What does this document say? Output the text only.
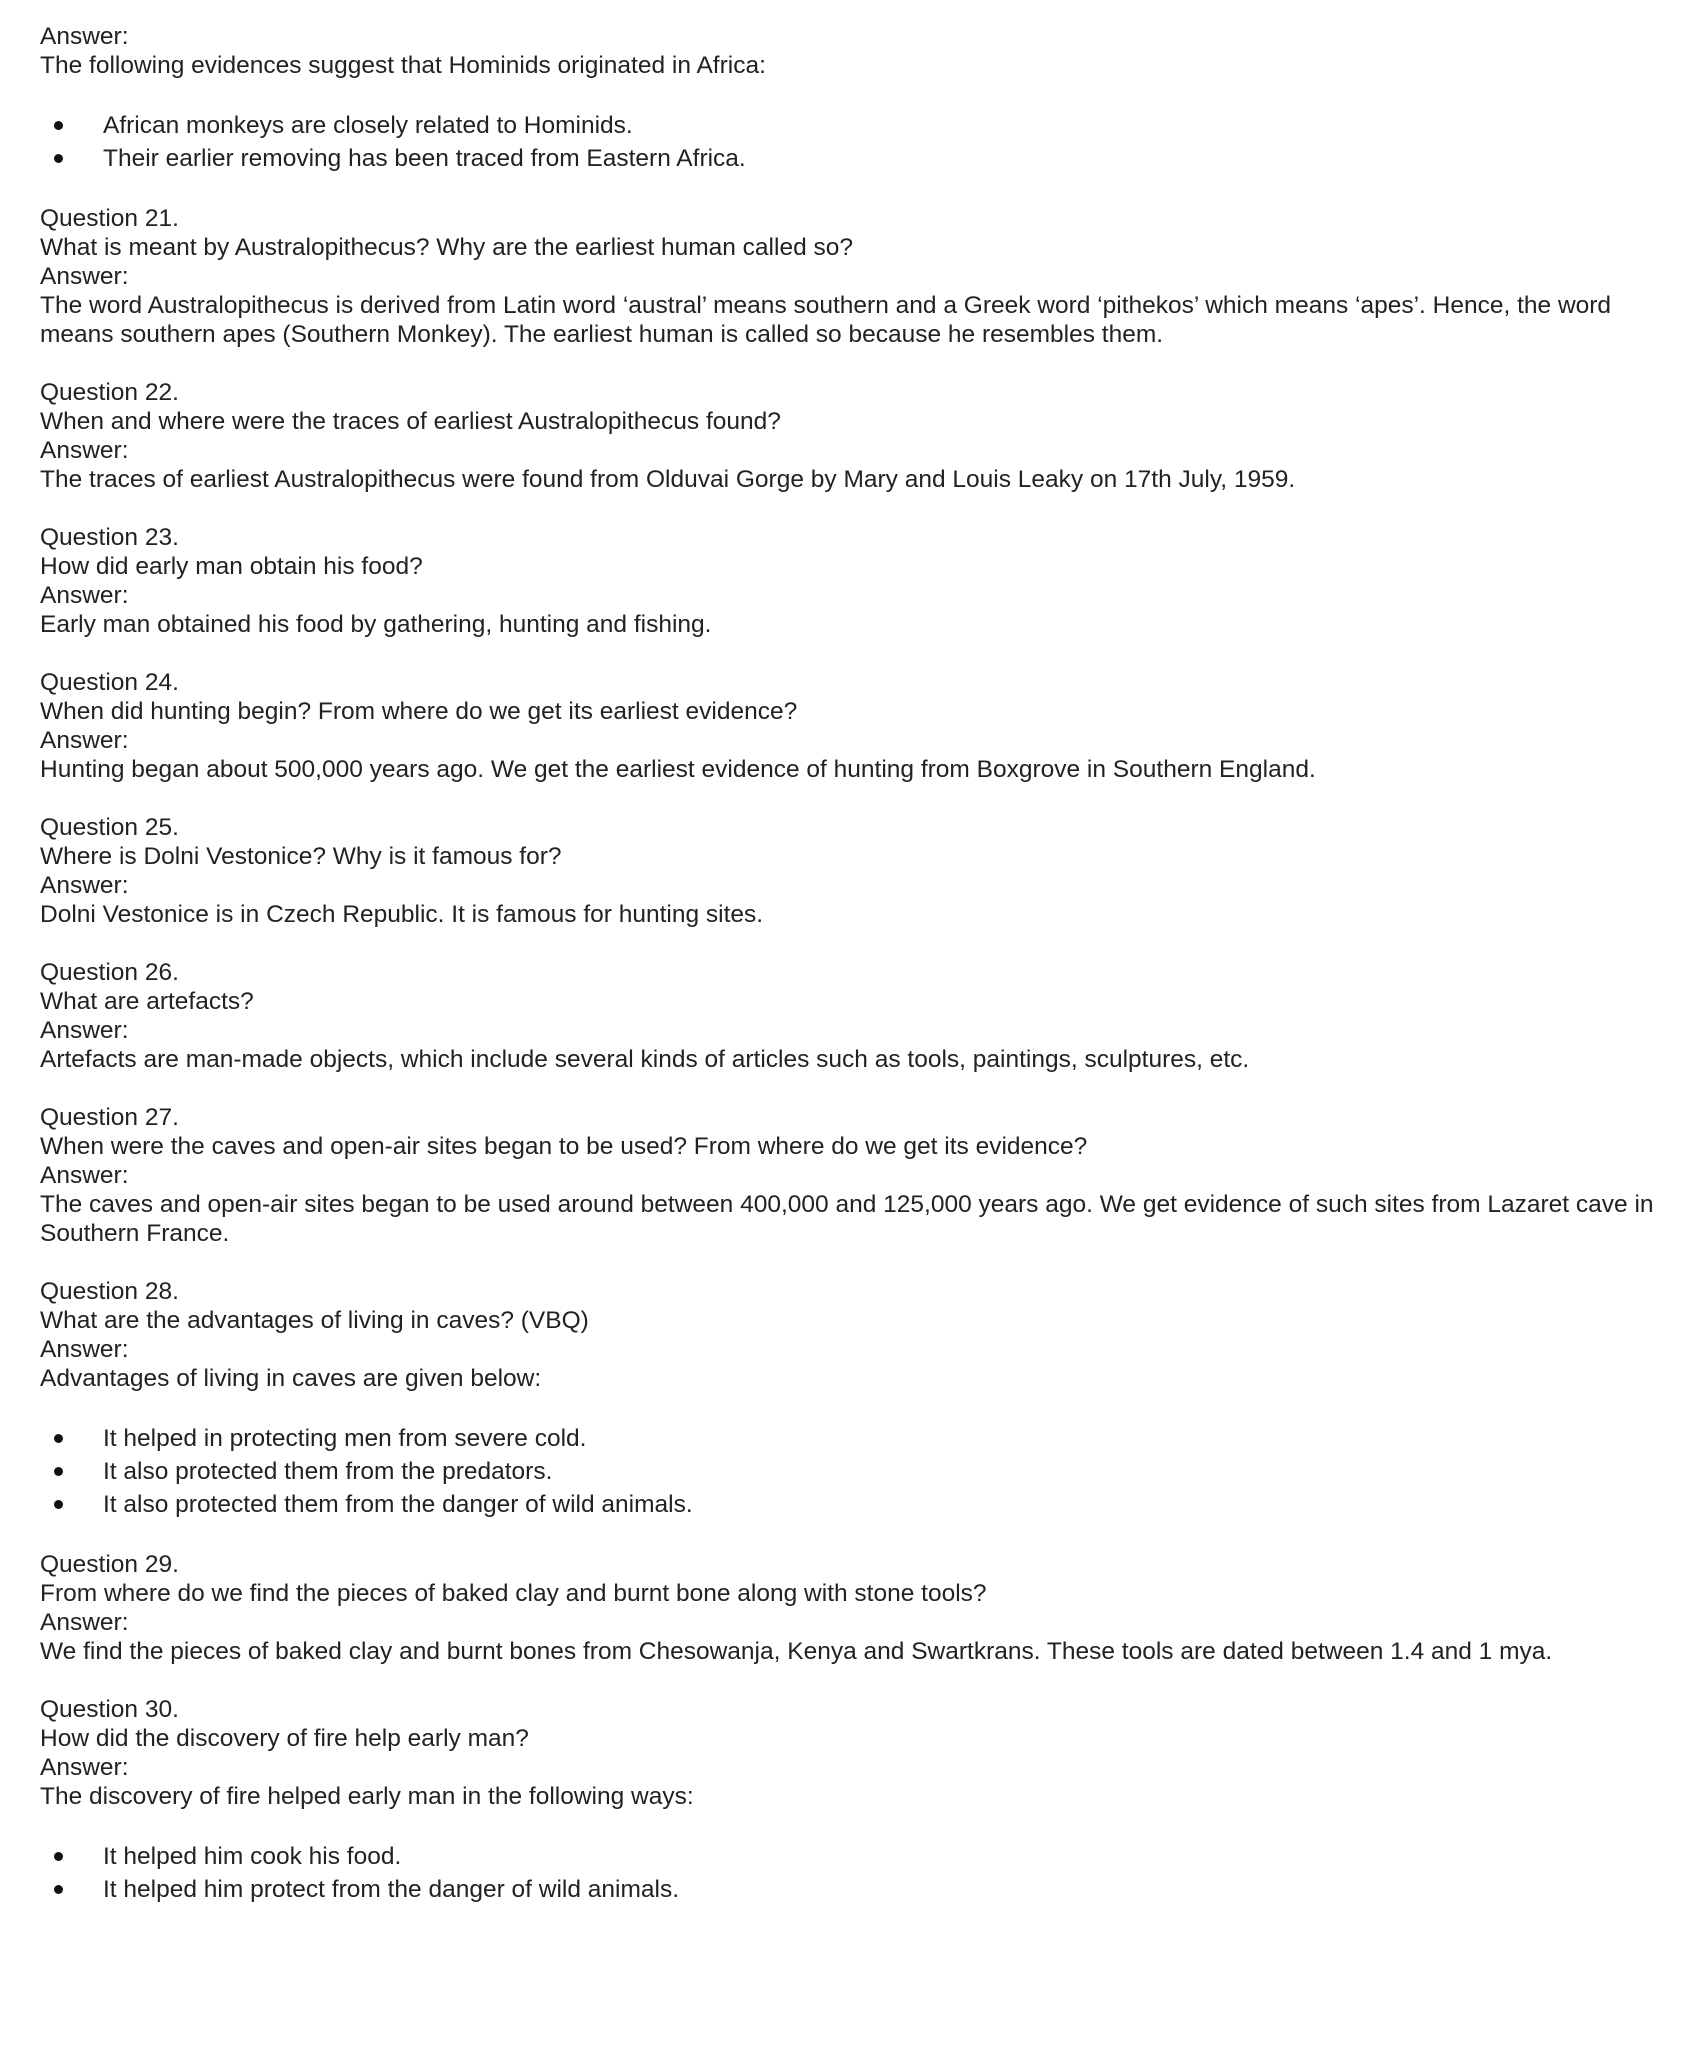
Answer:

The following evidences suggest that Hominids originated in Africa:

African monkeys are closely related to Hominids.
Their earlier removing has been traced from Eastern Africa.

Question 21.

What is meant by Australopithecus? Why are the earliest human called so?

Answer:

The word Australopithecus is derived from Latin word ‘austral’ means southern and a Greek word ‘pithekos’ which means ‘apes’. Hence, the word means southern apes (Southern Monkey). The earliest human is called so because he resembles them.

Question 22.

When and where were the traces of earliest Australopithecus found?

Answer:

The traces of earliest Australopithecus were found from Olduvai Gorge by Mary and Louis Leaky on 17th July, 1959.

Question 23.

How did early man obtain his food?

Answer:

Early man obtained his food by gathering, hunting and fishing.

Question 24.

When did hunting begin? From where do we get its earliest evidence?

Answer:

Hunting began about 500,000 years ago. We get the earliest evidence of hunting from Boxgrove in Southern England.

Question 25.

Where is Dolni Vestonice? Why is it famous for?

Answer:

Dolni Vestonice is in Czech Republic. It is famous for hunting sites.

Question 26.

What are artefacts?

Answer:

Artefacts are man-made objects, which include several kinds of articles such as tools, paintings, sculptures, etc.

Question 27.

When were the caves and open-air sites began to be used? From where do we get its evidence?

Answer:

The caves and open-air sites began to be used around between 400,000 and 125,000 years ago. We get evidence of such sites from Lazaret cave in Southern France.

Question 28.

What are the advantages of living in caves? (VBQ)

Answer:

Advantages of living in caves are given below:

It helped in protecting men from severe cold.
It also protected them from the predators.
It also protected them from the danger of wild animals.

Question 29.

From where do we find the pieces of baked clay and burnt bone along with stone tools?

Answer:

We find the pieces of baked clay and burnt bones from Chesowanja, Kenya and Swartkrans. These tools are dated between 1.4 and 1 mya.

Question 30.

How did the discovery of fire help early man?

Answer:

The discovery of fire helped early man in the following ways:

It helped him cook his food.
It helped him protect from the danger of wild animals.
